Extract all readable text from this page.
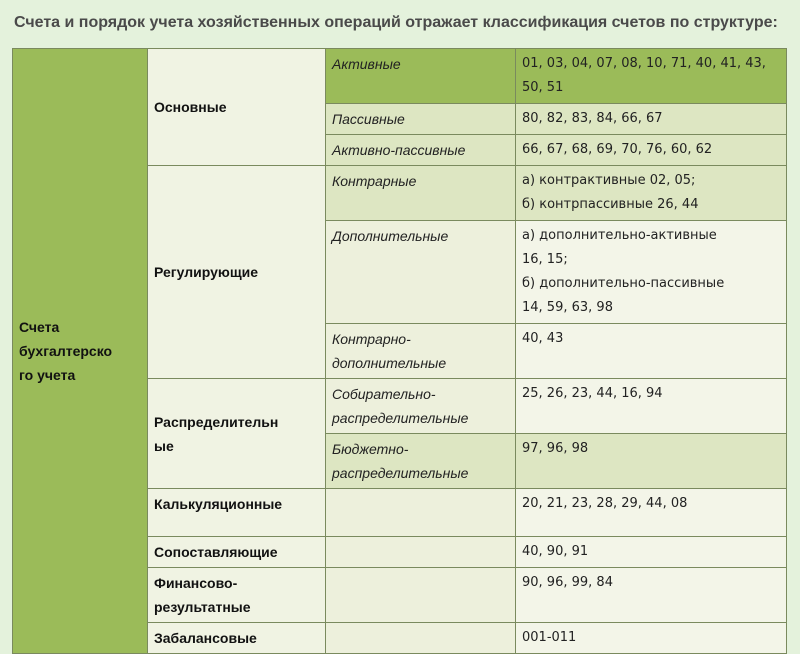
Счета и порядок учета хозяйственных операций отражает классификация счетов по структуре:
Счета
бухгалтерско
го учета	Основные	Активные	01, 03, 04, 07, 08, 10, 71, 40, 41, 43,
50, 51
		Пассивные	80, 82, 83, 84, 66, 67
		Активно-пассивные	66, 67, 68, 69, 70, 76, 60, 62
	Регулирующие	Контрарные	а) контрактивные 02, 05;
б) контрпассивные 26, 44
		Дополнительные	а) дополнительно-активные
16, 15;
б) дополнительно-пассивные
14, 59, 63, 98
		Контрарно-
дополнительные	40, 43
	Распределительн
ые	Собирательно-
распределительные	25, 26, 23, 44, 16, 94
		Бюджетно-
распределительные	97, 96, 98
	Калькуляционные		20, 21, 23, 28, 29, 44, 08
	Сопоставляющие		40, 90, 91
	Финансово-
результатные		90, 96, 99, 84
	Забалансовые		001-011
